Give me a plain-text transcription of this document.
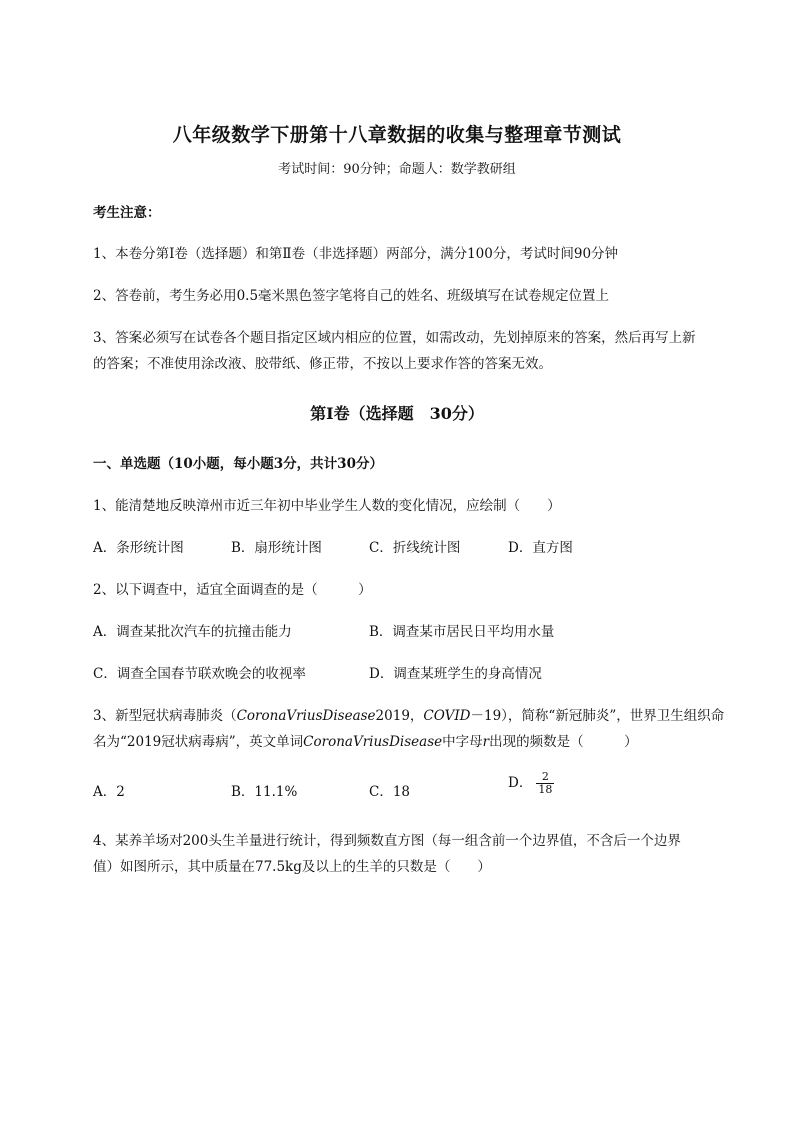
八年级数学下册第十八章数据的收集与整理章节测试
考试时间：90分钟；命题人：数学教研组
考生注意：
1、本卷分第Ⅰ卷（选择题）和第Ⅱ卷（非选择题）两部分，满分100分，考试时间90分钟
2、答卷前，考生务必用0.5毫米黑色签字笔将自己的姓名、班级填写在试卷规定位置上
3、答案必须写在试卷各个题目指定区域内相应的位置，如需改动，先划掉原来的答案，然后再写上新
的答案；不准使用涂改液、胶带纸、修正带，不按以上要求作答的答案无效。
第Ⅰ卷（选择题　30分）
一、单选题（10小题，每小题3分，共计30分）
1、能清楚地反映漳州市近三年初中毕业学生人数的变化情况，应绘制（　　）
A．条形统计图	B．扇形统计图	C．折线统计图	D．直方图
2、以下调查中，适宜全面调查的是（　　　）
A．调查某批次汽车的抗撞击能力	B．调查某市居民日平均用水量
C．调查全国春节联欢晚会的收视率	D．调查某班学生的身高情况
3、新型冠状病毒肺炎（CoronaVriusDisease2019，COVID－19），简称“新冠肺炎”，世界卫生组织命
名为“2019冠状病毒病”，英文单词CoronaVriusDisease中字母r出现的频数是（　　　）
A．2	B．11.1%	C．18
D． $\frac{2}{18}$
4、某养羊场对200头生羊量进行统计，得到频数直方图（每一组含前一个边界值，不含后一个边界
值）如图所示，其中质量在77.5kg及以上的生羊的只数是（　　）
